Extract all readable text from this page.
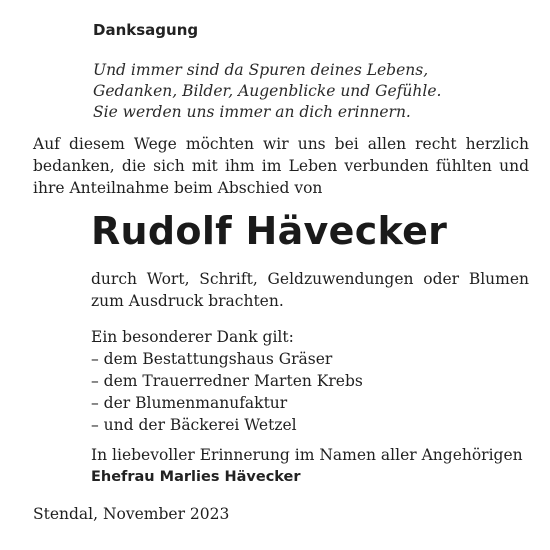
Danksagung
Und immer sind da Spuren deines Lebens,
Gedanken, Bilder, Augenblicke und Gefühle.
Sie werden uns immer an dich erinnern.
Auf diesem Wege möchten wir uns bei allen recht herzlich
bedanken, die sich mit ihm im Leben verbunden fühlten und
ihre Anteilnahme beim Abschied von
Rudolf Hävecker
durch Wort, Schrift, Geldzuwendungen oder Blumen
zum Ausdruck brachten.
Ein besonderer Dank gilt:
– dem Bestattungshaus Gräser
– dem Trauerredner Marten Krebs
– der Blumenmanufaktur
– und der Bäckerei Wetzel
In liebevoller Erinnerung im Namen aller Angehörigen
Ehefrau Marlies Hävecker
Stendal, November 2023
